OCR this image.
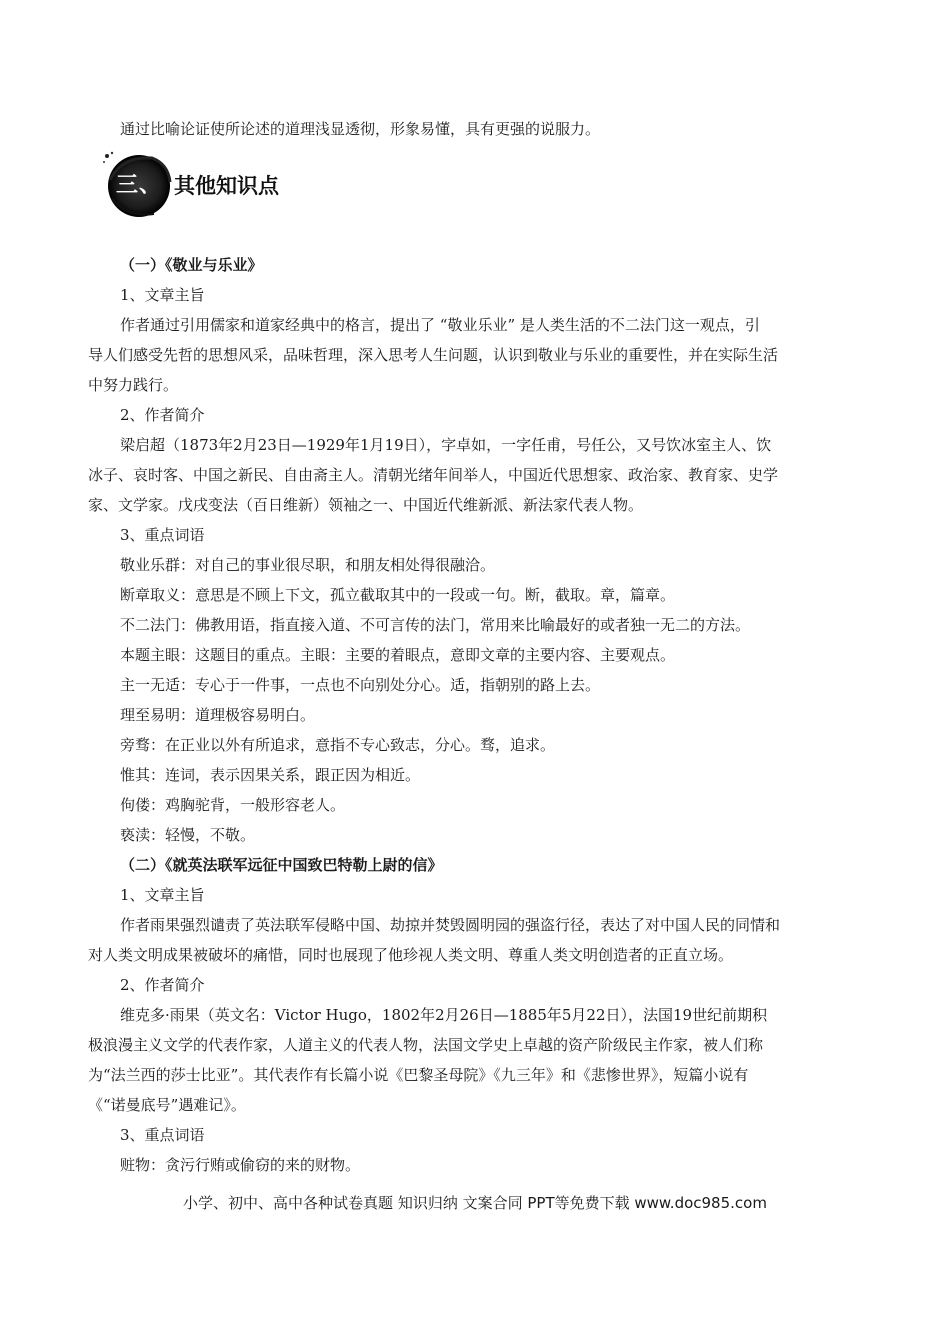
通过比喻论证使所论述的道理浅显透彻，形象易懂，具有更强的说服力。
三、 其他知识点
（一）《敬业与乐业》
1、文章主旨
作者通过引用儒家和道家经典中的格言，提出了 “敬业乐业” 是人类生活的不二法门这一观点，引
导人们感受先哲的思想风采，品味哲理，深入思考人生问题，认识到敬业与乐业的重要性，并在实际生活
中努力践行。
2、作者简介
梁启超（1873年2月23日—1929年1月19日），字卓如，一字任甫，号任公，又号饮冰室主人、饮
冰子、哀时客、中国之新民、自由斋主人。清朝光绪年间举人，中国近代思想家、政治家、教育家、史学
家、文学家。戊戌变法（百日维新）领袖之一、中国近代维新派、新法家代表人物。
3、重点词语
敬业乐群：对自己的事业很尽职，和朋友相处得很融洽。
断章取义：意思是不顾上下文，孤立截取其中的一段或一句。断，截取。章，篇章。
不二法门：佛教用语，指直接入道、不可言传的法门，常用来比喻最好的或者独一无二的方法。
本题主眼：这题目的重点。主眼：主要的着眼点，意即文章的主要内容、主要观点。
主一无适：专心于一件事，一点也不向别处分心。适，指朝别的路上去。
理至易明：道理极容易明白。
旁骛：在正业以外有所追求，意指不专心致志，分心。骛，追求。
惟其：连词，表示因果关系，跟正因为相近。
佝偻：鸡胸驼背，一般形容老人。
亵渎：轻慢，不敬。
（二）《就英法联军远征中国致巴特勒上尉的信》
1、文章主旨
作者雨果强烈谴责了英法联军侵略中国、劫掠并焚毁圆明园的强盗行径，表达了对中国人民的同情和
对人类文明成果被破坏的痛惜，同时也展现了他珍视人类文明、尊重人类文明创造者的正直立场。
2、作者简介
维克多·雨果（英文名：Victor Hugo，1802年2月26日—1885年5月22日），法国19世纪前期积
极浪漫主义文学的代表作家，人道主义的代表人物，法国文学史上卓越的资产阶级民主作家，被人们称
为“法兰西的莎士比亚”。其代表作有长篇小说《巴黎圣母院》《九三年》和《悲惨世界》，短篇小说有
《“诺曼底号”遇难记》。
3、重点词语
赃物：贪污行贿或偷窃的来的财物。
小学、初中、高中各种试卷真题 知识归纳 文案合同 PPT等免费下载 www.doc985.com
